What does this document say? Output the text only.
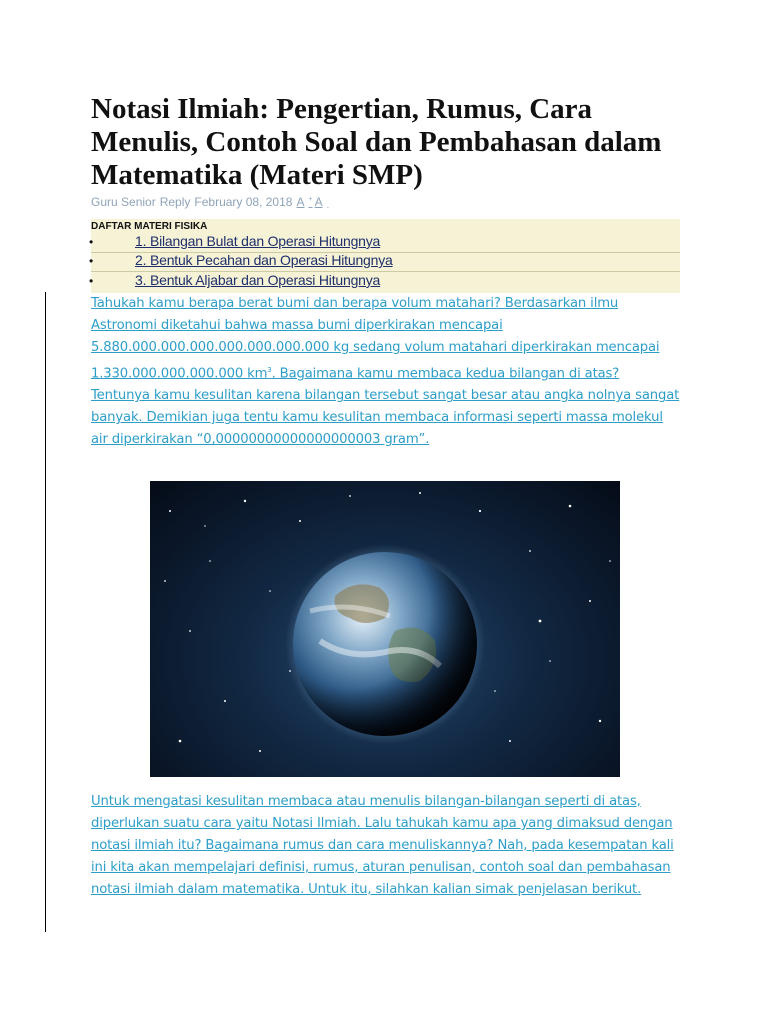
Notasi Ilmiah: Pengertian, Rumus, Cara Menulis, Contoh Soal dan Pembahasan dalam Matematika (Materi SMP)
Guru Senior Reply February 08, 2018 A + A $_-$
DAFTAR MATERI FISIKA
•	1. Bilangan Bulat dan Operasi Hitungnya
•	2. Bentuk Pecahan dan Operasi Hitungnya
•	3. Bentuk Aljabar dan Operasi Hitungnya

Tahukah kamu berapa berat bumi dan berapa volum matahari? Berdasarkan ilmu Astronomi diketahui bahwa massa bumi diperkirakan mencapai 5.880.000.000.000.000.000.000.000 kg sedang volum matahari diperkirakan mencapai 1.330.000.000.000.000 $km^3$. Bagaimana kamu membaca kedua bilangan di atas? Tentunya kamu kesulitan karena bilangan tersebut sangat besar atau angka nolnya sangat banyak. Demikian juga tentu kamu kesulitan membaca informasi seperti massa molekul air diperkirakan “0,00000000000000000003 gram”.

Untuk mengatasi kesulitan membaca atau menulis bilangan-bilangan seperti di atas, diperlukan suatu cara yaitu Notasi Ilmiah. Lalu tahukah kamu apa yang dimaksud dengan notasi ilmiah itu? Bagaimana rumus dan cara menuliskannya? Nah, pada kesempatan kali ini kita akan mempelajari definisi, rumus, aturan penulisan, contoh soal dan pembahasan notasi ilmiah dalam matematika. Untuk itu, silahkan kalian simak penjelasan berikut.
